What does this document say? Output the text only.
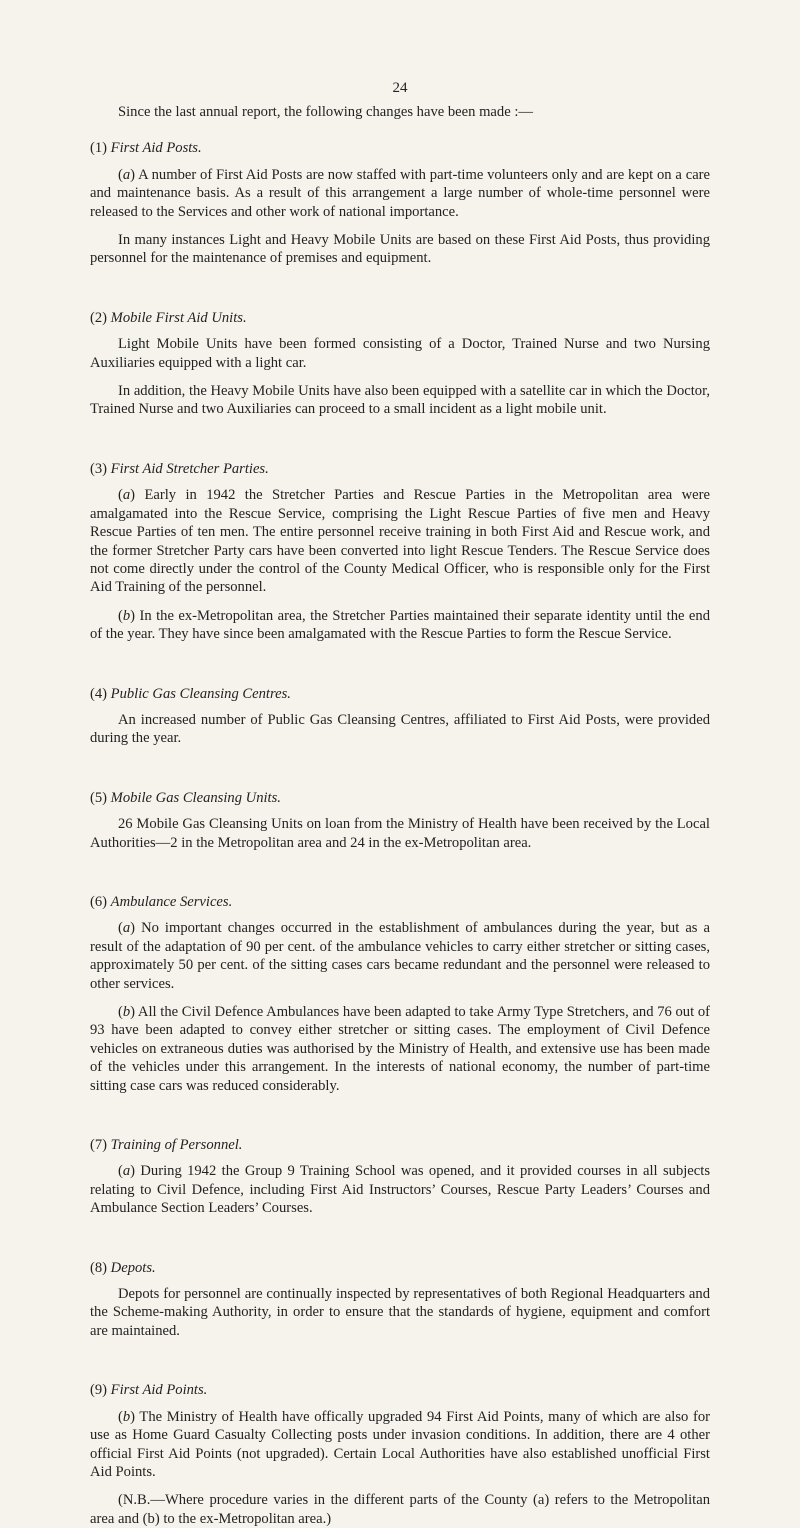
24

Since the last annual report, the following changes have been made :—

(1) First Aid Posts.

(a) A number of First Aid Posts are now staffed with part-time volunteers only and are kept on a care and maintenance basis. As a result of this arrangement a large number of whole-time personnel were released to the Services and other work of national importance.

In many instances Light and Heavy Mobile Units are based on these First Aid Posts, thus providing personnel for the maintenance of premises and equipment.

(2) Mobile First Aid Units.

Light Mobile Units have been formed consisting of a Doctor, Trained Nurse and two Nursing Auxiliaries equipped with a light car.

In addition, the Heavy Mobile Units have also been equipped with a satellite car in which the Doctor, Trained Nurse and two Auxiliaries can proceed to a small incident as a light mobile unit.

(3) First Aid Stretcher Parties.

(a) Early in 1942 the Stretcher Parties and Rescue Parties in the Metropolitan area were amalgamated into the Rescue Service, comprising the Light Rescue Parties of five men and Heavy Rescue Parties of ten men. The entire personnel receive training in both First Aid and Rescue work, and the former Stretcher Party cars have been converted into light Rescue Tenders. The Rescue Service does not come directly under the control of the County Medical Officer, who is responsible only for the First Aid Training of the personnel.

(b) In the ex-Metropolitan area, the Stretcher Parties maintained their separate identity until the end of the year. They have since been amalgamated with the Rescue Parties to form the Rescue Service.

(4) Public Gas Cleansing Centres.

An increased number of Public Gas Cleansing Centres, affiliated to First Aid Posts, were provided during the year.

(5) Mobile Gas Cleansing Units.

26 Mobile Gas Cleansing Units on loan from the Ministry of Health have been received by the Local Authorities—2 in the Metropolitan area and 24 in the ex-Metropolitan area.

(6) Ambulance Services.

(a) No important changes occurred in the establishment of ambulances during the year, but as a result of the adaptation of 90 per cent. of the ambulance vehicles to carry either stretcher or sitting cases, approximately 50 per cent. of the sitting cases cars became redundant and the personnel were released to other services.

(b) All the Civil Defence Ambulances have been adapted to take Army Type Stretchers, and 76 out of 93 have been adapted to convey either stretcher or sitting cases. The employment of Civil Defence vehicles on extraneous duties was authorised by the Ministry of Health, and extensive use has been made of the vehicles under this arrangement. In the interests of national economy, the number of part-time sitting case cars was reduced considerably.

(7) Training of Personnel.

(a) During 1942 the Group 9 Training School was opened, and it provided courses in all subjects relating to Civil Defence, including First Aid Instructors’ Courses, Rescue Party Leaders’ Courses and Ambulance Section Leaders’ Courses.

(8) Depots.

Depots for personnel are continually inspected by representatives of both Regional Headquarters and the Scheme-making Authority, in order to ensure that the standards of hygiene, equipment and comfort are maintained.

(9) First Aid Points.

(b) The Ministry of Health have offically upgraded 94 First Aid Points, many of which are also for use as Home Guard Casualty Collecting posts under invasion conditions. In addition, there are 4 other official First Aid Points (not upgraded). Certain Local Authorities have also established unofficial First Aid Points.

(N.B.—Where procedure varies in the different parts of the County (a) refers to the Metropolitan area and (b) to the ex-Metropolitan area.)
